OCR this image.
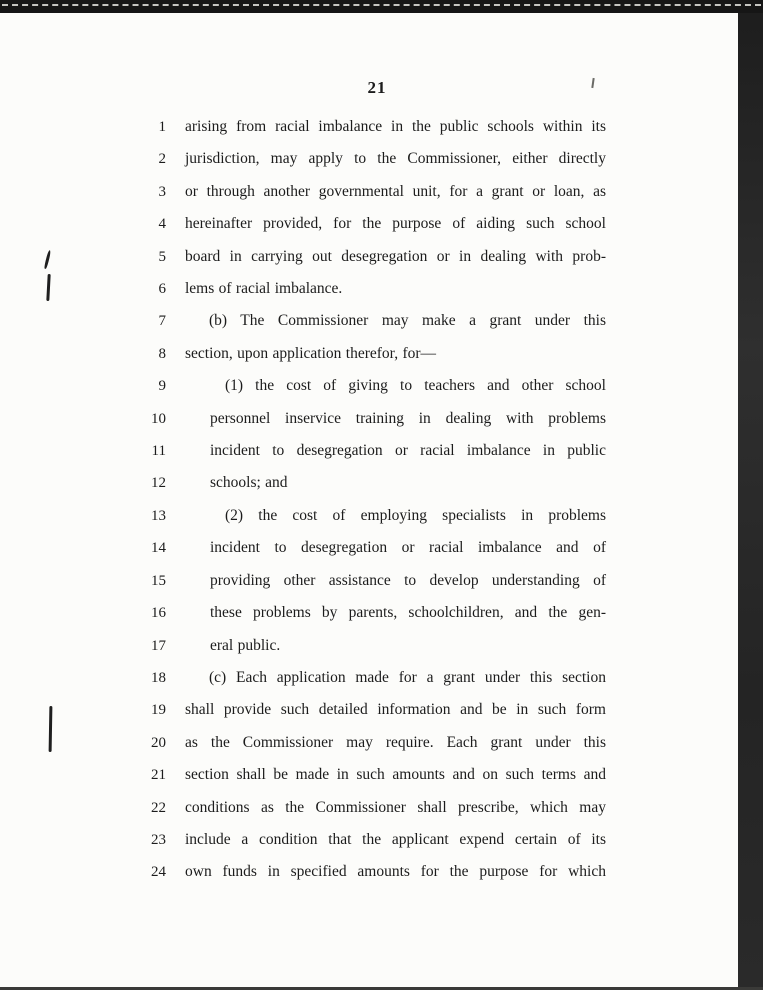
21
1 arising from racial imbalance in the public schools within its
2 jurisdiction, may apply to the Commissioner, either directly
3 or through another governmental unit, for a grant or loan, as
4 hereinafter provided, for the purpose of aiding such school
5 board in carrying out desegregation or in dealing with prob-
6 lems of racial imbalance.
7	(b) The Commissioner may make a grant under this
8 section, upon application therefor, for—
9	(1) the cost of giving to teachers and other school
10	personnel inservice training in dealing with problems
11	incident to desegregation or racial imbalance in public
12	schools; and
13	(2) the cost of employing specialists in problems
14	incident to desegregation or racial imbalance and of
15	providing other assistance to develop understanding of
16	these problems by parents, schoolchildren, and the gen-
17	eral public.
18	(c) Each application made for a grant under this section
19 shall provide such detailed information and be in such form
20 as the Commissioner may require. Each grant under this
21 section shall be made in such amounts and on such terms and
22 conditions as the Commissioner shall prescribe, which may
23 include a condition that the applicant expend certain of its
24 own funds in specified amounts for the purpose for which
